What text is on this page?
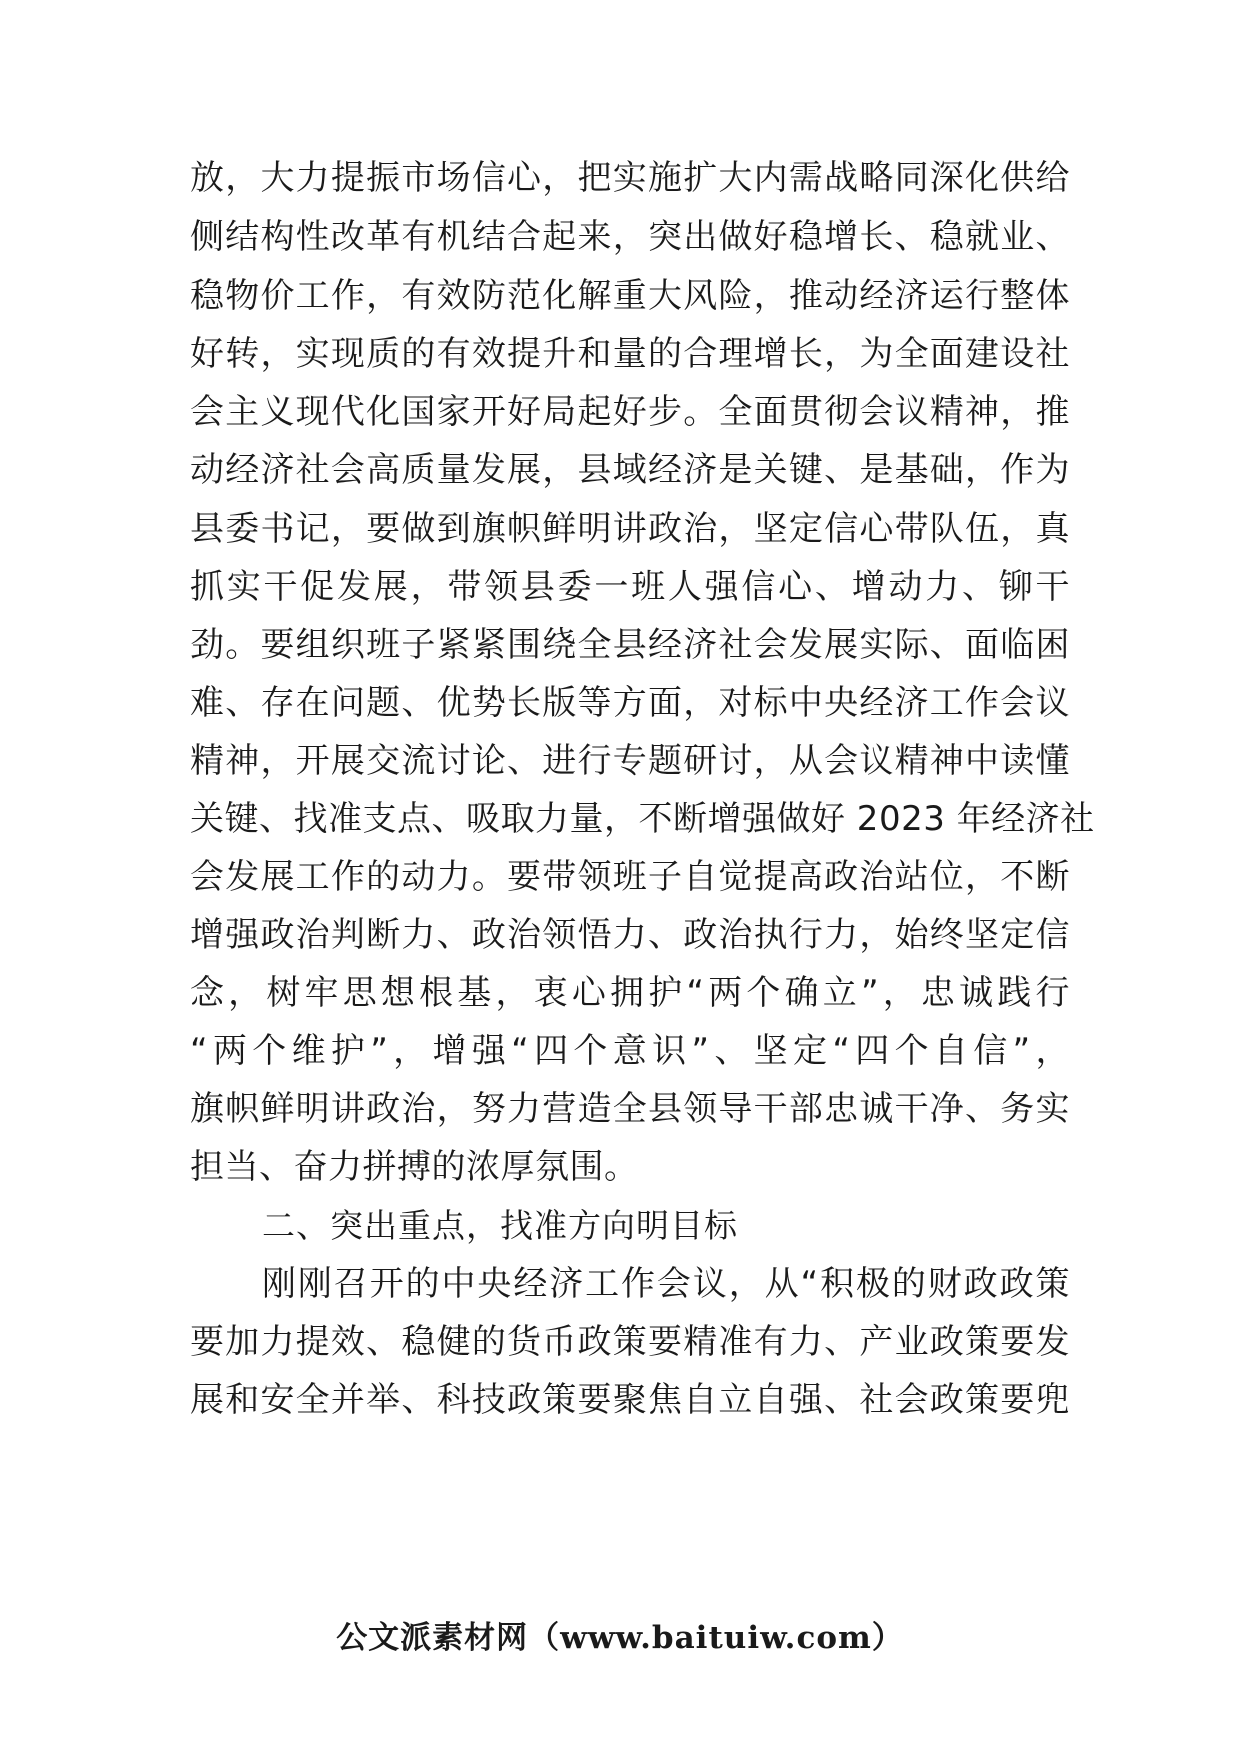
放，大力提振市场信心，把实施扩大内需战略同深化供给
侧结构性改革有机结合起来，突出做好稳增长、稳就业、
稳物价工作，有效防范化解重大风险，推动经济运行整体
好转，实现质的有效提升和量的合理增长，为全面建设社
会主义现代化国家开好局起好步。全面贯彻会议精神，推
动经济社会高质量发展，县域经济是关键、是基础，作为
县委书记，要做到旗帜鲜明讲政治，坚定信心带队伍，真
抓实干促发展，带领县委一班人强信心、增动力、铆干
劲。要组织班子紧紧围绕全县经济社会发展实际、面临困
难、存在问题、优势长版等方面，对标中央经济工作会议
精神，开展交流讨论、进行专题研讨，从会议精神中读懂
关键、找准支点、吸取力量，不断增强做好 2023 年经济社
会发展工作的动力。要带领班子自觉提高政治站位，不断
增强政治判断力、政治领悟力、政治执行力，始终坚定信
念，树牢思想根基，衷心拥护“两个确立”，忠诚践行
“两个维护”，增强“四个意识”、坚定“四个自信”，
旗帜鲜明讲政治，努力营造全县领导干部忠诚干净、务实
担当、奋力拼搏的浓厚氛围。
二、突出重点，找准方向明目标
刚刚召开的中央经济工作会议，从“积极的财政政策
要加力提效、稳健的货币政策要精准有力、产业政策要发
展和安全并举、科技政策要聚焦自立自强、社会政策要兜
公文派素材网（www.baituiw.com）
